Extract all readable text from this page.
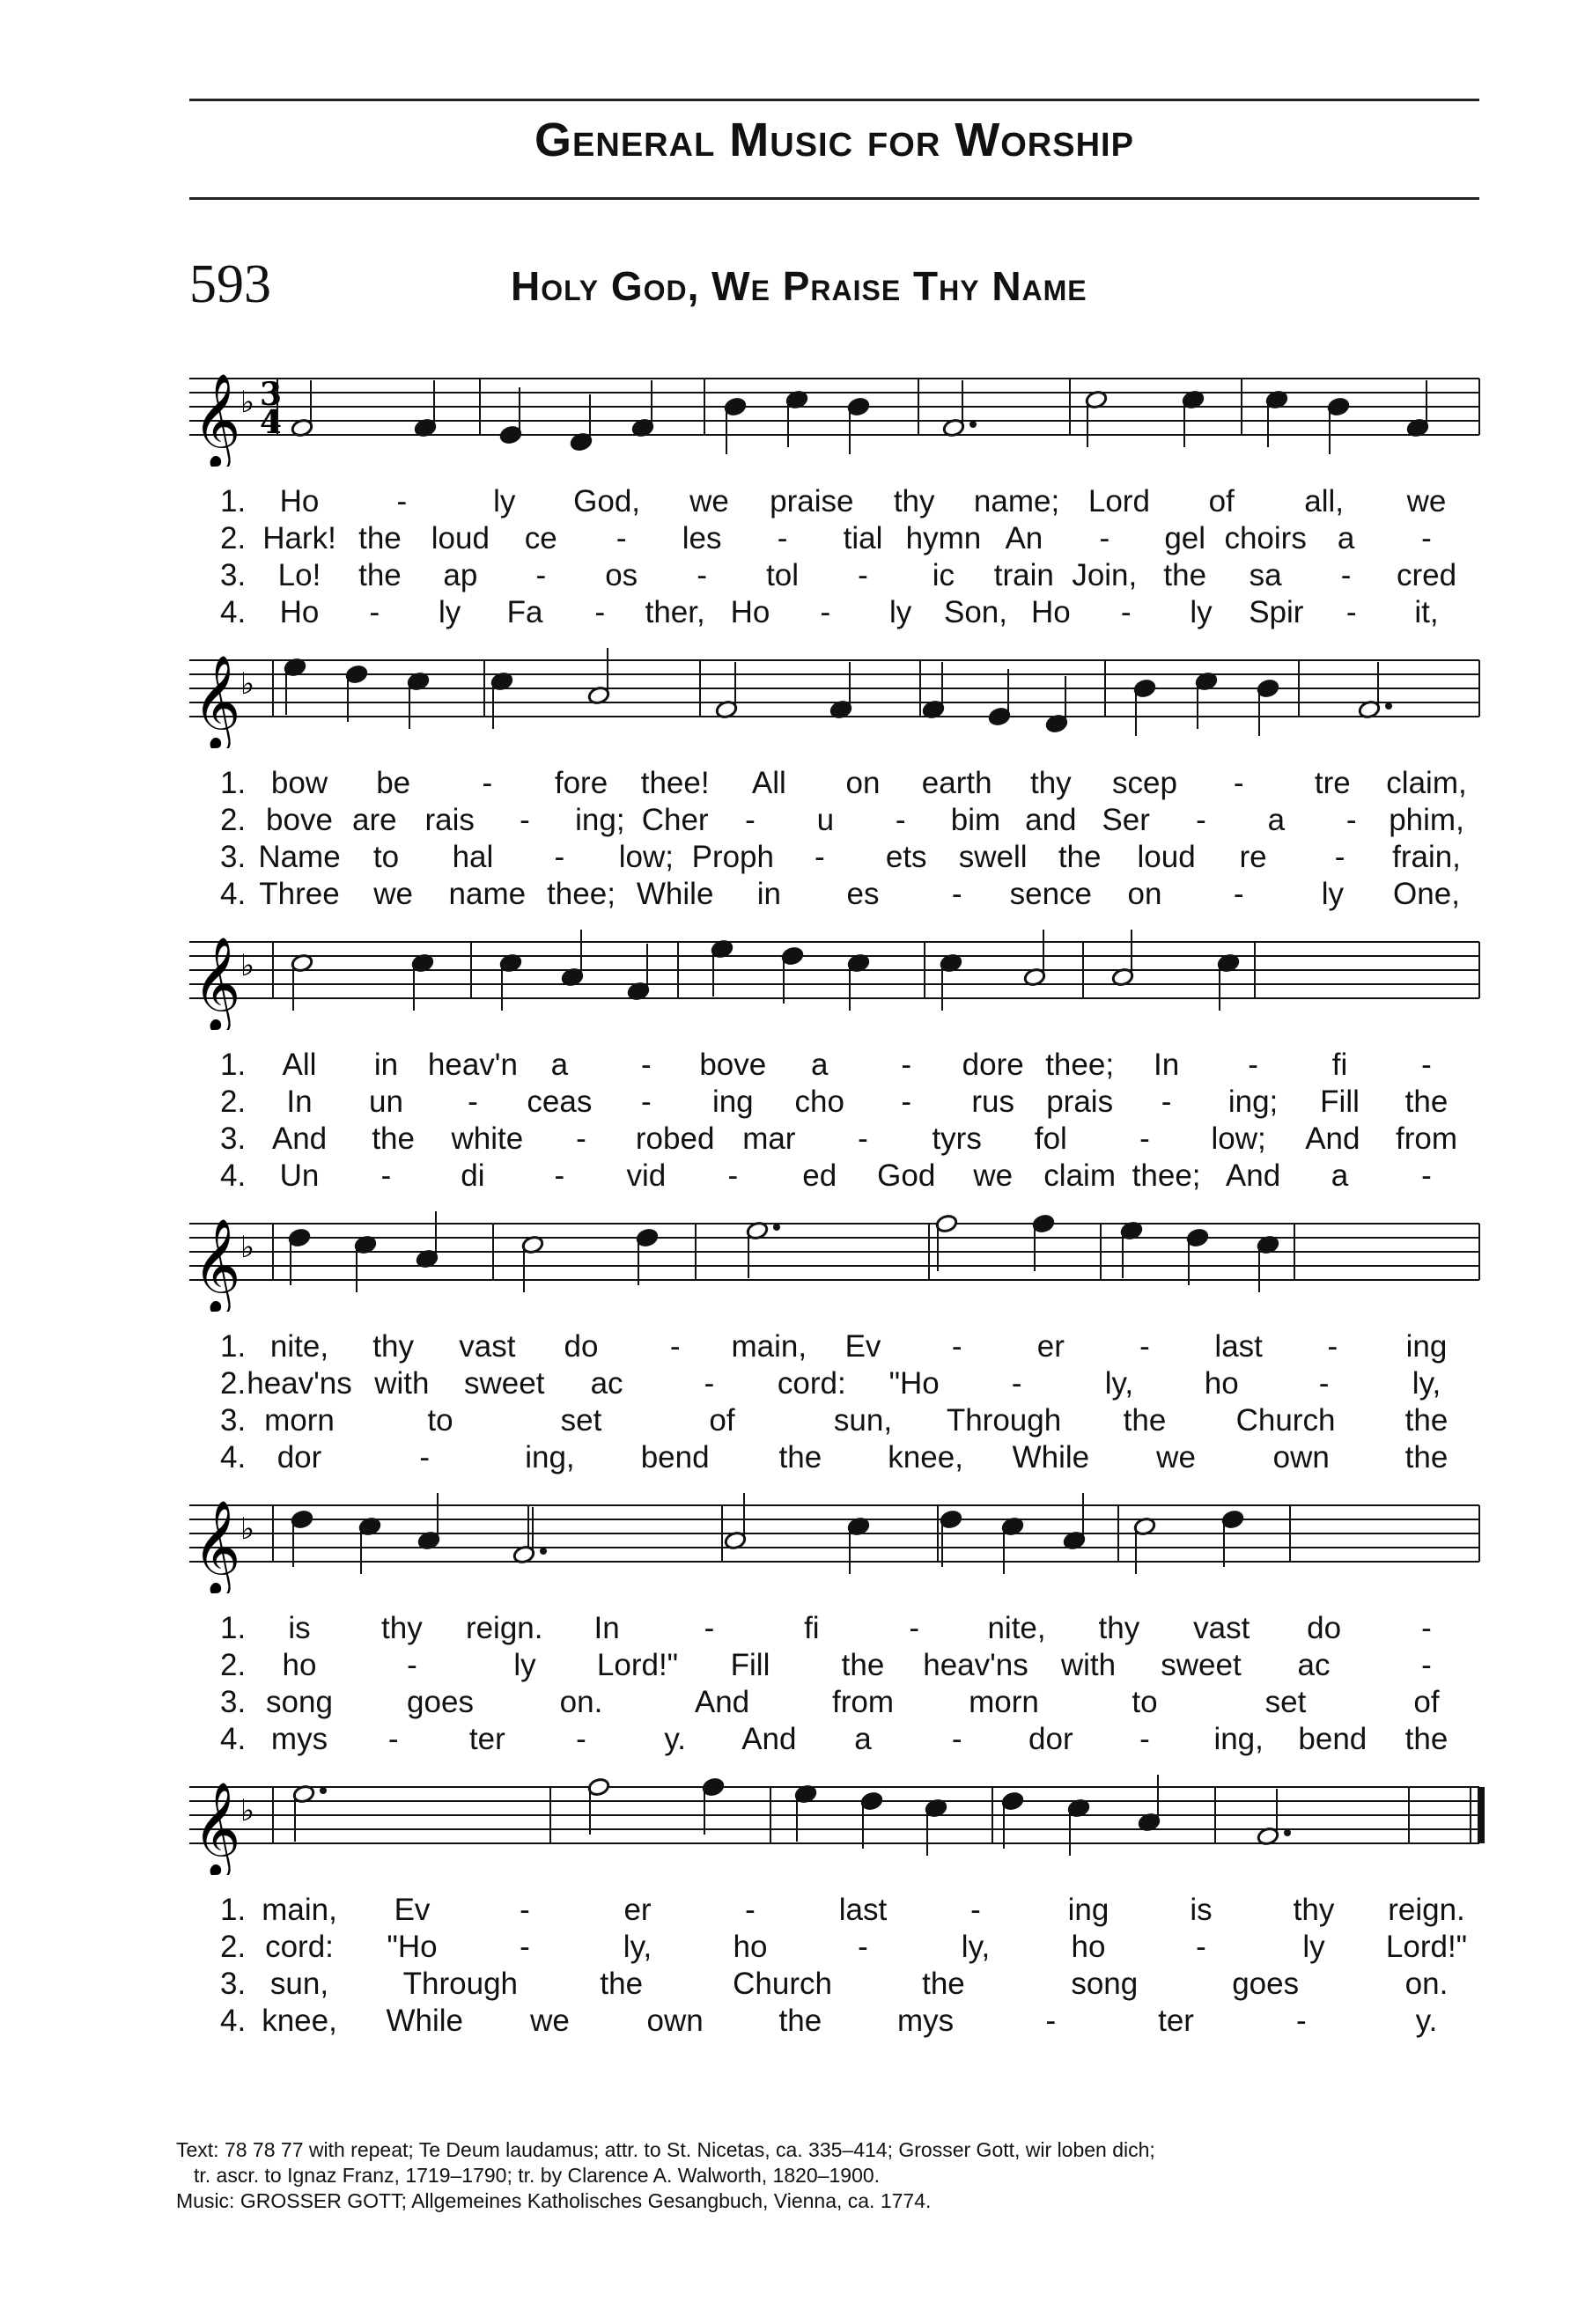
General Music for Worship
593	Holy God, We Praise Thy Name
𝄞 ♭ 3
4
1. Ho	-	ly God, we praise thy name; Lord of all, we
2. Hark! the loud ce - les - tial hymn An - gel choirs a -
3. Lo! the ap - os - tol - ic train Join, the sa - cred
4. Ho - ly Fa - ther, Ho - ly Son, Ho - ly Spir - it,
𝄞 ♭
1. bow be - fore thee! All on earth thy scep - tre claim,
2. bove are rais - ing; Cher - u - bim and Ser - a - phim,
3. Name to hal - low; Proph - ets swell the loud re - frain,
4. Three we name thee; While in es - sence on -	ly One,
𝄞 ♭
1. All in heav'n a - bove a - dore thee; In - fi -
2. In un - ceas - ing cho - rus prais - ing; Fill the
3. And the white - robed mar - tyrs fol - low; And from
4. Un - di - vid - ed God we claim thee; And a -
𝄞 ♭
1. nite, thy vast do - main, Ev - er - last - ing
2. heav'ns with sweet ac	- cord: "Ho -	ly, ho	-	ly,
3. morn	to	set	of	sun, Through the Church the
4. dor	-	ing, bend the knee, While we	own the
𝄞 ♭
1. is thy reign. In	-	fi	- nite, thy vast do	-
2. ho	-	ly Lord!" Fill the heav'ns with sweet ac	-
3. song goes	on.	And	from morn	to	set	of
4. mys - ter -	y. And a	- dor - ing, bend the
𝄞 ♭
1. main, Ev	-	er	-	last	-	ing	is	thy reign.
2. cord: "Ho	-	ly,	ho	-	ly,	ho	-	ly Lord!"
3. sun, Through	the	Church	the	song	goes	on.
4. knee, While we	own the mys	-	ter	-	y.

Text: 78 78 77 with repeat; Te Deum laudamus; attr. to St. Nicetas, ca. 335–414; Grosser Gott, wir loben dich;

tr. ascr. to Ignaz Franz, 1719–1790; tr. by Clarence A. Walworth, 1820–1900.

Music: GROSSER GOTT; Allgemeines Katholisches Gesangbuch, Vienna, ca. 1774.
